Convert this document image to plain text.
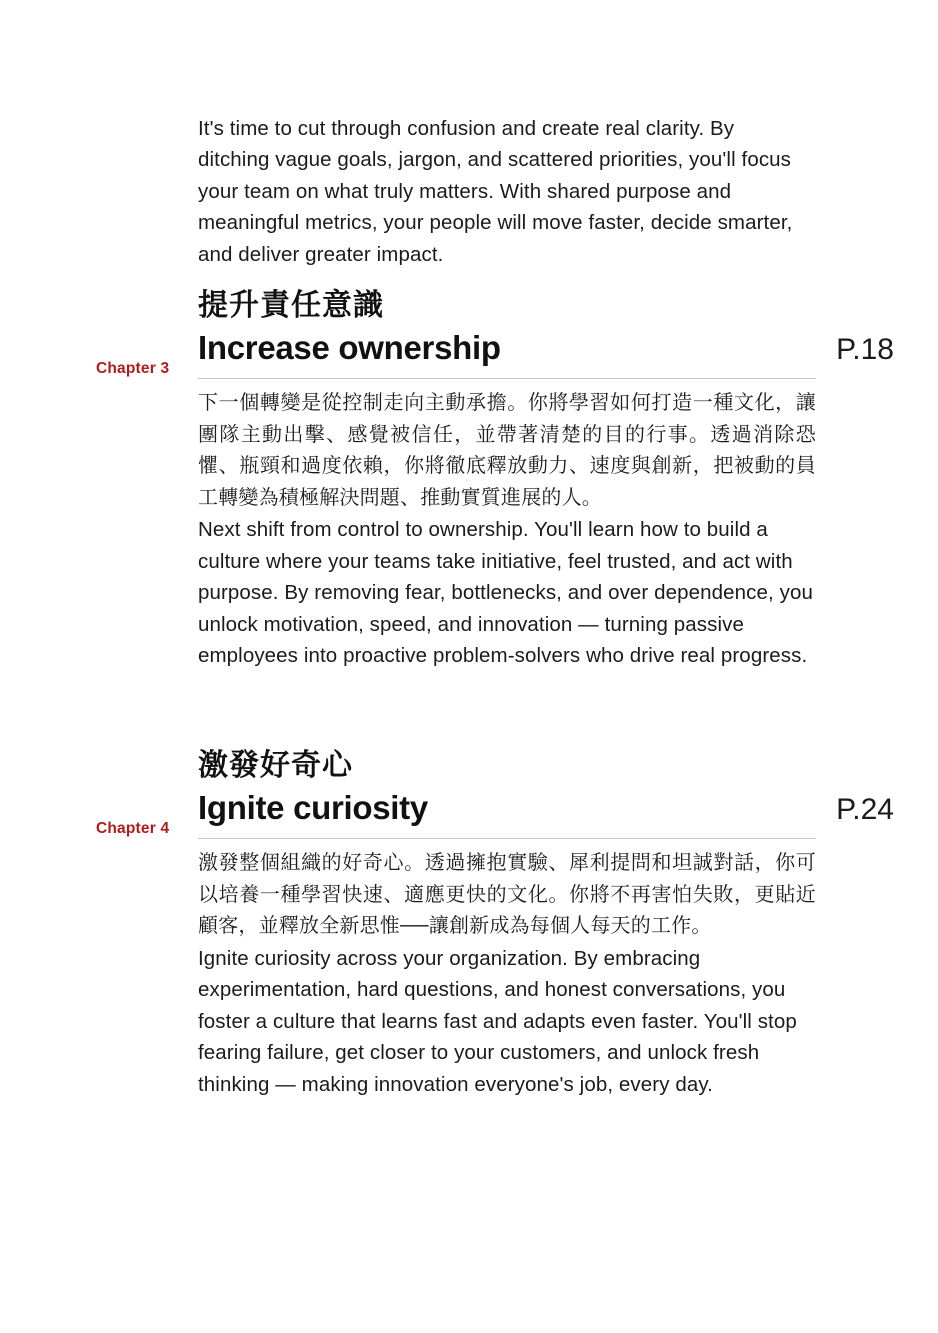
It's time to cut through confusion and create real clarity. By ditching vague goals, jargon, and scattered priorities, you'll focus your team on what truly matters. With shared purpose and meaningful metrics, your people will move faster, decide smarter, and deliver greater impact.

Chapter 3
提升責任意識
Increase ownership	P.18
下一個轉變是從控制走向主動承擔。你將學習如何打造一種文化，讓團隊主動出擊、感覺被信任，並帶著清楚的目的行事。透過消除恐懼、瓶頸和過度依賴，你將徹底釋放動力、速度與創新，把被動的員工轉變為積極解決問題、推動實質進展的人。
Next shift from control to ownership. You'll learn how to build a culture where your teams take initiative, feel trusted, and act with purpose. By removing fear, bottlenecks, and over dependence, you unlock motivation, speed, and innovation — turning passive employees into proactive problem-solvers who drive real progress.
Chapter 4
激發好奇心
Ignite curiosity	P.24
激發整個組織的好奇心。透過擁抱實驗、犀利提問和坦誠對話，你可以培養一種學習快速、適應更快的文化。你將不再害怕失敗，更貼近顧客，並釋放全新思惟──讓創新成為每個人每天的工作。
Ignite curiosity across your organization. By embracing experimentation, hard questions, and honest conversations, you foster a culture that learns fast and adapts even faster. You'll stop fearing failure, get closer to your customers, and unlock fresh thinking — making innovation everyone's job, every day.
